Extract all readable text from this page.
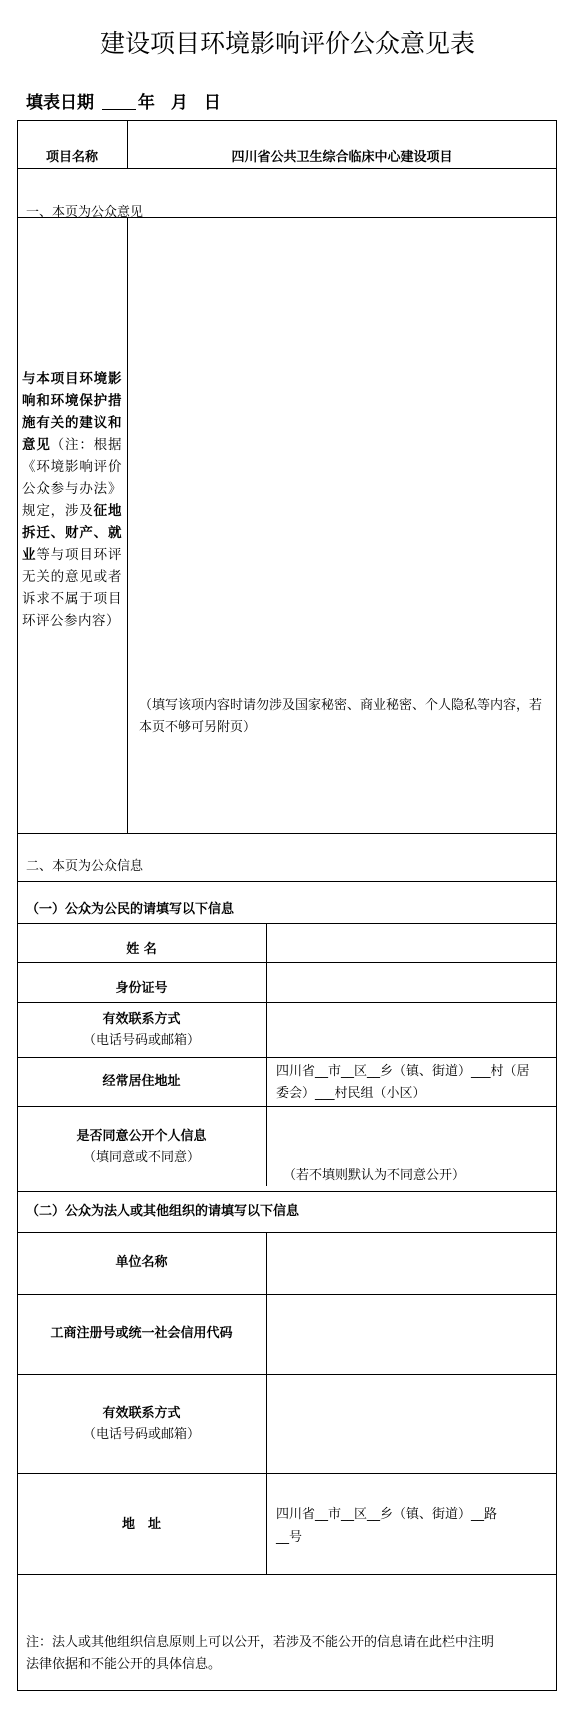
建设项目环境影响评价公众意见表
填表日期	年 月 日
项目名称	四川省公共卫生综合临床中心建设项目
一、本页为公众意见
与本项目环境影响和环境保护措施有关的建议和意见（注：根据《环境影响评价公众参与办法》规定，涉及征地拆迁、财产、就业等与项目环评无关的意见或者诉求不属于项目环评公参内容）
（填写该项内容时请勿涉及国家秘密、商业秘密、个人隐私等内容，若本页不够可另附页）
二、本页为公众信息
（一）公众为公民的请填写以下信息
姓 名
身份证号
有效联系方式
（电话号码或邮箱）
经常居住地址
四川省__市__区__乡（镇、街道）___村（居
委会）___村民组（小区）
是否同意公开个人信息
（填同意或不同意）
（若不填则默认为不同意公开）
（二）公众为法人或其他组织的请填写以下信息
单位名称
工商注册号或统一社会信用代码
有效联系方式
（电话号码或邮箱）
地　址
四川省__市__区__乡（镇、街道）__路
__号
注：法人或其他组织信息原则上可以公开，若涉及不能公开的信息请在此栏中注明
法律依据和不能公开的具体信息。
